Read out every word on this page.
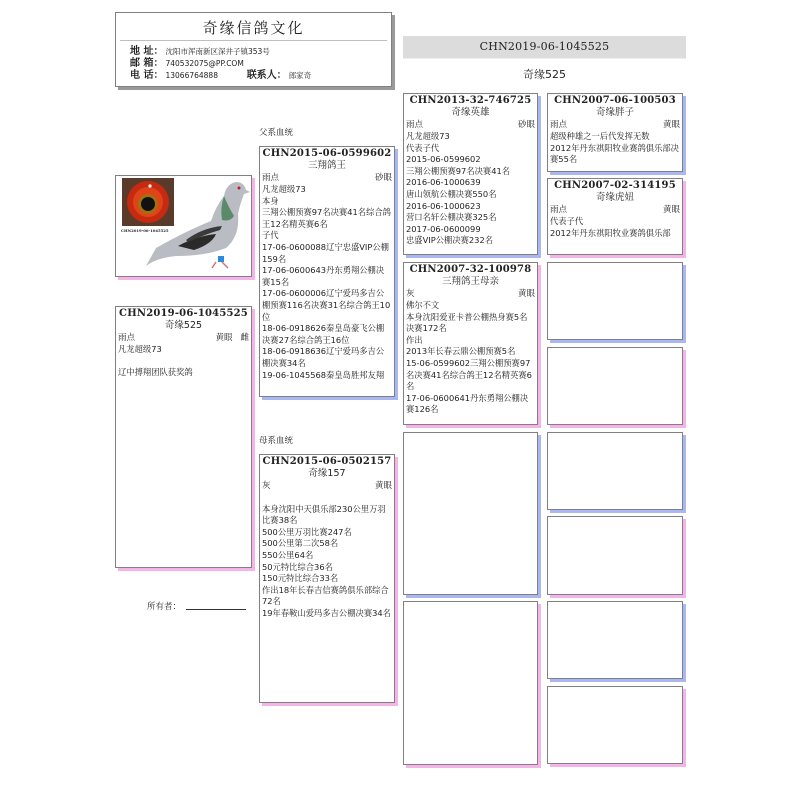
奇缘信鸽文化
地 址： 沈阳市浑南新区深井子镇353号
邮 箱： 740532075@PP.COM
电 话： 13066764888	联系人： 郎家奇
CHN2019-06-1045525
奇缘525
父系血统
母系血统
CHN2019-06-1045525
CHN2019-06-1045525
奇缘525
雨点	黄眼 雌
凡龙超级73
辽中搏翔团队获奖鸽
所有者：
CHN2015-06-0599602
三翔鸽王
雨点	砂眼
凡龙超级73
本身
三翔公棚预赛97名决赛41名综合鸽王12名精英赛6名
子代
17-06-0600088辽宁忠盛VIP公棚159名
17-06-0600643丹东勇翔公棚决赛15名
17-06-0600006辽宁爱玛多吉公棚预赛116名决赛31名综合鸽王10位
18-06-0918626秦皇岛豪飞公棚决赛27名综合鸽王16位
18-06-0918636辽宁爱玛多吉公棚决赛34名
19-06-1045568秦皇岛胜邦友翔
CHN2015-06-0502157
奇缘157
灰	黄眼
本身沈阳中天俱乐部230公里万羽比赛38名
500公里万羽比赛247名
500公里第二次58名
550公里64名
50元特比综合36名
150元特比综合33名
作出18年长春吉信赛鸽俱乐部综合72名
19年春鞍山爱玛多吉公棚决赛34名
CHN2013-32-746725
奇缘英雄
雨点	砂眼
凡龙超级73
代表子代
2015-06-0599602
三翔公棚预赛97名决赛41名
2016-06-1000639
唐山领航公棚决赛550名
2016-06-1000623
营口名轩公棚决赛325名
2017-06-0600099
忠盛VIP公棚决赛232名
CHN2007-32-100978
三翔鸽王母亲
灰	黄眼
佛尔不文
本身沈阳爱亚卡普公棚热身赛5名决赛172名
作出
2013年长春云鼎公棚预赛5名
15-06-0599602三翔公棚预赛97名决赛41名综合鸽王12名精英赛6名
17-06-0600641丹东勇翔公棚决赛126名
CHN2007-06-100503
奇缘胖子
雨点	黄眼
超级种雄之一后代发挥无数
2012年丹东祺阳牧业赛鸽俱乐部决赛55名
CHN2007-02-314195
奇缘虎妞
雨点	黄眼
代表子代
2012年丹东祺阳牧业赛鸽俱乐部
